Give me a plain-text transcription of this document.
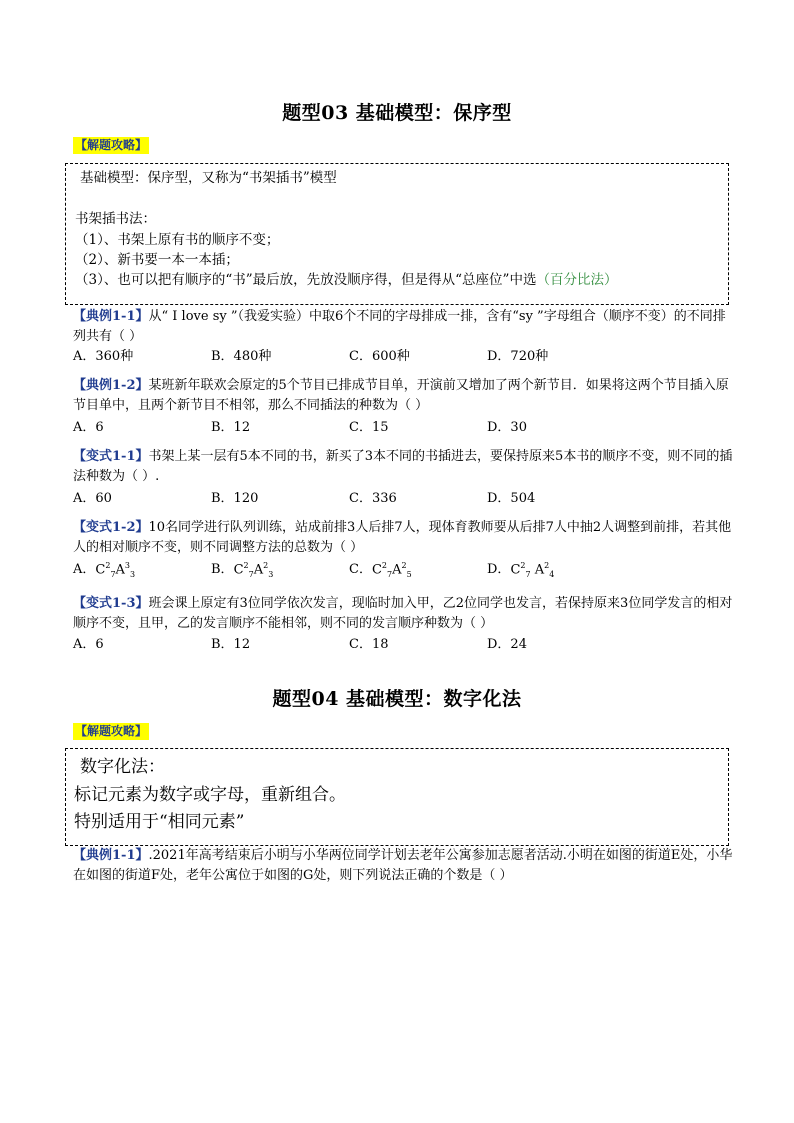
题型03 基础模型：保序型
【解题攻略】
基础模型：保序型，又称为“书架插书”模型
书架插书法：
（1）、书架上原有书的顺序不变；
（2）、新书要一本一本插；
（3）、也可以把有顺序的“书”最后放，先放没顺序得，但是得从“总座位”中选（百分比法）
【典例1-1】从“ I love sy ”（我爱实验）中取6个不同的字母排成一排，含有“sy ”字母组合（顺序不变）的不同排列共有（ ）
A．360种	B．480种	C．600种	D．720种
【典例1-2】某班新年联欢会原定的5个节目已排成节目单，开演前又增加了两个新节目．如果将这两个节目插入原节目单中，且两个新节目不相邻，那么不同插法的种数为（ ）
A．6	B．12	C．15	D．30
【变式1-1】书架上某一层有5本不同的书，新买了3本不同的书插进去，要保持原来5本书的顺序不变，则不同的插法种数为（ ）.
A．60	B．120	C．336	D．504
【变式1-2】10名同学进行队列训练，站成前排3人后排7人，现体育教师要从后排7人中抽2人调整到前排，若其他人的相对顺序不变，则不同调整方法的总数为（ ）
A．$C^2_7A^3_3$	B．$C^2_7A^2_3$	C．$C^2_7A^2_5$	D．$C^2_7$ $A^2_4$
【变式1-3】班会课上原定有3位同学依次发言，现临时加入甲，乙2位同学也发言，若保持原来3位同学发言的相对顺序不变，且甲，乙的发言顺序不能相邻，则不同的发言顺序种数为（ ）
A．6	B．12	C．18	D．24
题型04 基础模型：数字化法
【解题攻略】
数字化法：
标记元素为数字或字母，重新组合。
特别适用于“相同元素”
【典例1-1】.2021年高考结束后小明与小华两位同学计划去老年公寓参加志愿者活动.小明在如图的街道E处，小华在如图的街道F处，老年公寓位于如图的G处，则下列说法正确的个数是（ ）
